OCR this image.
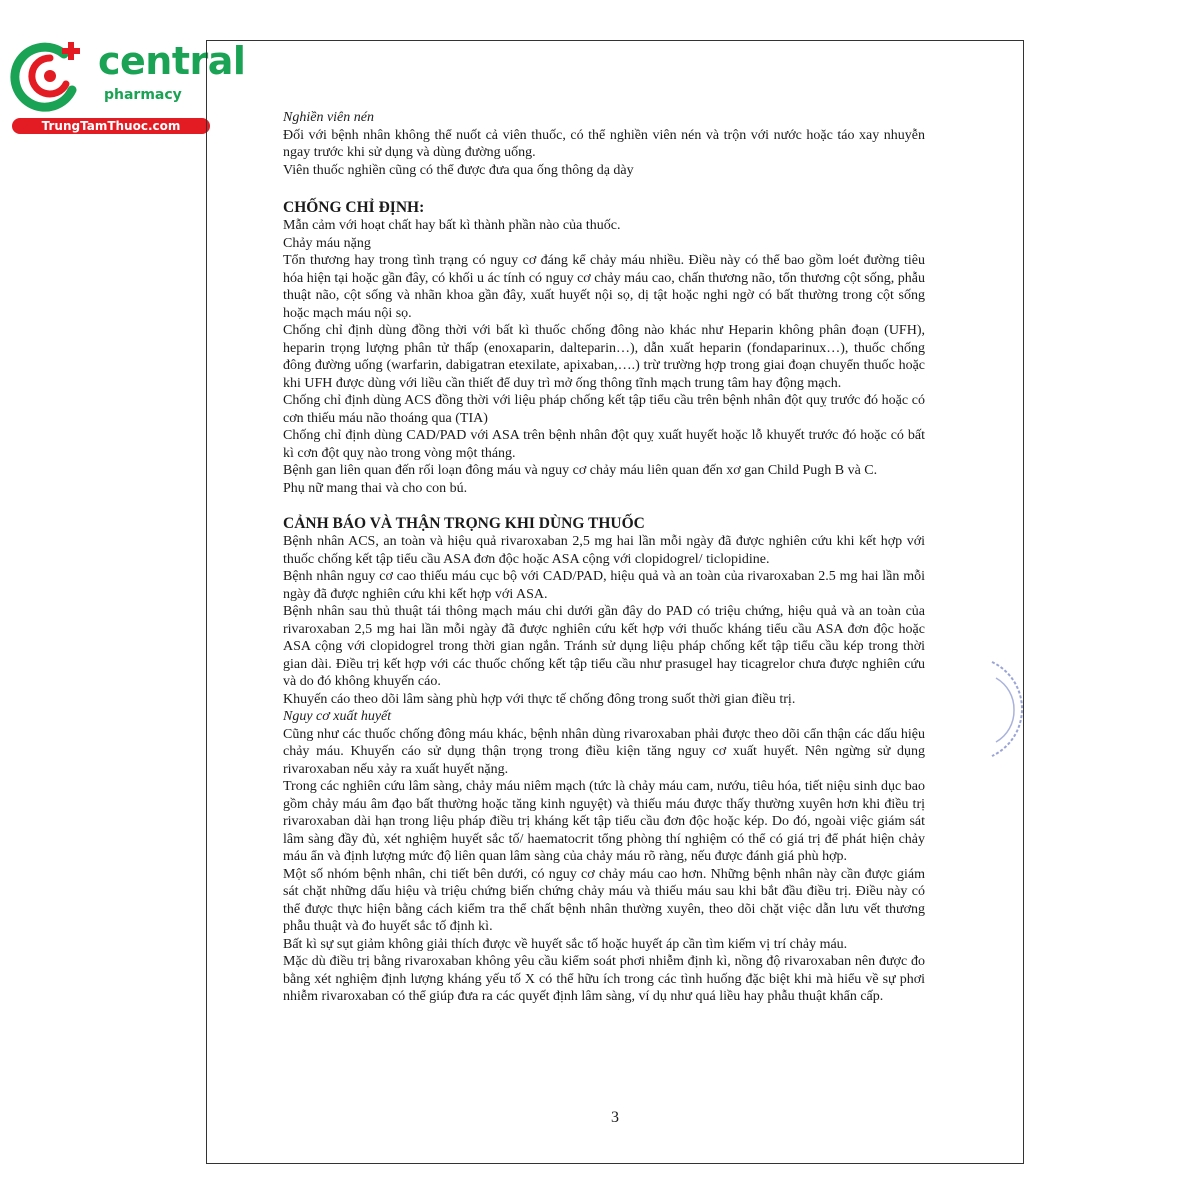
central
pharmacy
TrungTamThuoc.com

Nghiền viên nén

Đối với bệnh nhân không thể nuốt cả viên thuốc, có thể nghiền viên nén và trộn với nước hoặc táo xay nhuyễn ngay trước khi sử dụng và dùng đường uống.

Viên thuốc nghiền cũng có thể được đưa qua ống thông dạ dày

CHỐNG CHỈ ĐỊNH:

Mẫn cảm với hoạt chất hay bất kì thành phần nào của thuốc.

Chảy máu nặng

Tổn thương hay trong tình trạng có nguy cơ đáng kể chảy máu nhiều. Điều này có thể bao gồm loét đường tiêu hóa hiện tại hoặc gần đây, có khối u ác tính có nguy cơ chảy máu cao, chấn thương não, tổn thương cột sống, phẫu thuật não, cột sống và nhãn khoa gần đây, xuất huyết nội sọ, dị tật hoặc nghi ngờ có bất thường trong cột sống hoặc mạch máu nội sọ.

Chống chỉ định dùng đồng thời với bất kì thuốc chống đông nào khác như Heparin không phân đoạn (UFH), heparin trọng lượng phân tử thấp (enoxaparin, dalteparin…), dẫn xuất heparin (fondaparinux…), thuốc chống đông đường uống (warfarin, dabigatran etexilate, apixaban,….) trừ trường hợp trong giai đoạn chuyển thuốc hoặc khi UFH được dùng với liều cần thiết để duy trì mở ống thông tĩnh mạch trung tâm hay động mạch.

Chống chỉ định dùng ACS đồng thời với liệu pháp chống kết tập tiểu cầu trên bệnh nhân đột quỵ trước đó hoặc có cơn thiếu máu não thoáng qua (TIA)

Chống chỉ định dùng CAD/PAD với ASA trên bệnh nhân đột quỵ xuất huyết hoặc lỗ khuyết trước đó hoặc có bất kì cơn đột quỵ nào trong vòng một tháng.

Bệnh gan liên quan đến rối loạn đông máu và nguy cơ chảy máu liên quan đến xơ gan Child Pugh B và C.

Phụ nữ mang thai và cho con bú.

CẢNH BÁO VÀ THẬN TRỌNG KHI DÙNG THUỐC

Bệnh nhân ACS, an toàn và hiệu quả rivaroxaban 2,5 mg hai lần mỗi ngày đã được nghiên cứu khi kết hợp với thuốc chống kết tập tiểu cầu ASA đơn độc hoặc ASA cộng với clopidogrel/ ticlopidine.

Bệnh nhân nguy cơ cao thiếu máu cục bộ với CAD/PAD, hiệu quả và an toàn của rivaroxaban 2.5 mg hai lần mỗi ngày đã được nghiên cứu khi kết hợp với ASA.

Bệnh nhân sau thủ thuật tái thông mạch máu chi dưới gần đây do PAD có triệu chứng, hiệu quả và an toàn của rivaroxaban 2,5 mg hai lần mỗi ngày đã được nghiên cứu kết hợp với thuốc kháng tiểu cầu ASA đơn độc hoặc ASA cộng với clopidogrel trong thời gian ngắn. Tránh sử dụng liệu pháp chống kết tập tiểu cầu kép trong thời gian dài. Điều trị kết hợp với các thuốc chống kết tập tiểu cầu như prasugel hay ticagrelor chưa được nghiên cứu và do đó không khuyến cáo.

Khuyến cáo theo dõi lâm sàng phù hợp với thực tế chống đông trong suốt thời gian điều trị.

Nguy cơ xuất huyết

Cũng như các thuốc chống đông máu khác, bệnh nhân dùng rivaroxaban phải được theo dõi cẩn thận các dấu hiệu chảy máu. Khuyến cáo sử dụng thận trọng trong điều kiện tăng nguy cơ xuất huyết. Nên ngừng sử dụng rivaroxaban nếu xảy ra xuất huyết nặng.

Trong các nghiên cứu lâm sàng, chảy máu niêm mạch (tức là chảy máu cam, nướu, tiêu hóa, tiết niệu sinh dục bao gồm chảy máu âm đạo bất thường hoặc tăng kinh nguyệt) và thiếu máu được thấy thường xuyên hơn khi điều trị rivaroxaban dài hạn trong liệu pháp điều trị kháng kết tập tiểu cầu đơn độc hoặc kép. Do đó, ngoài việc giám sát lâm sàng đầy đủ, xét nghiệm huyết sắc tố/ haematocrit tổng phòng thí nghiệm có thể có giá trị để phát hiện chảy máu ẩn và định lượng mức độ liên quan lâm sàng của chảy máu rõ ràng, nếu được đánh giá phù hợp.

Một số nhóm bệnh nhân, chi tiết bên dưới, có nguy cơ chảy máu cao hơn. Những bệnh nhân này cần được giám sát chặt những dấu hiệu và triệu chứng biến chứng chảy máu và thiếu máu sau khi bắt đầu điều trị. Điều này có thể được thực hiện bằng cách kiểm tra thể chất bệnh nhân thường xuyên, theo dõi chặt việc dẫn lưu vết thương phẫu thuật và đo huyết sắc tố định kì.

Bất kì sự sụt giảm không giải thích được về huyết sắc tố hoặc huyết áp cần tìm kiếm vị trí chảy máu.

Mặc dù điều trị bằng rivaroxaban không yêu cầu kiểm soát phơi nhiễm định kì, nồng độ rivaroxaban nên được đo bằng xét nghiệm định lượng kháng yếu tố X có thể hữu ích trong các tình huống đặc biệt khi mà hiểu về sự phơi nhiễm rivaroxaban có thể giúp đưa ra các quyết định lâm sàng, ví dụ như quá liều hay phẫu thuật khẩn cấp.

3
